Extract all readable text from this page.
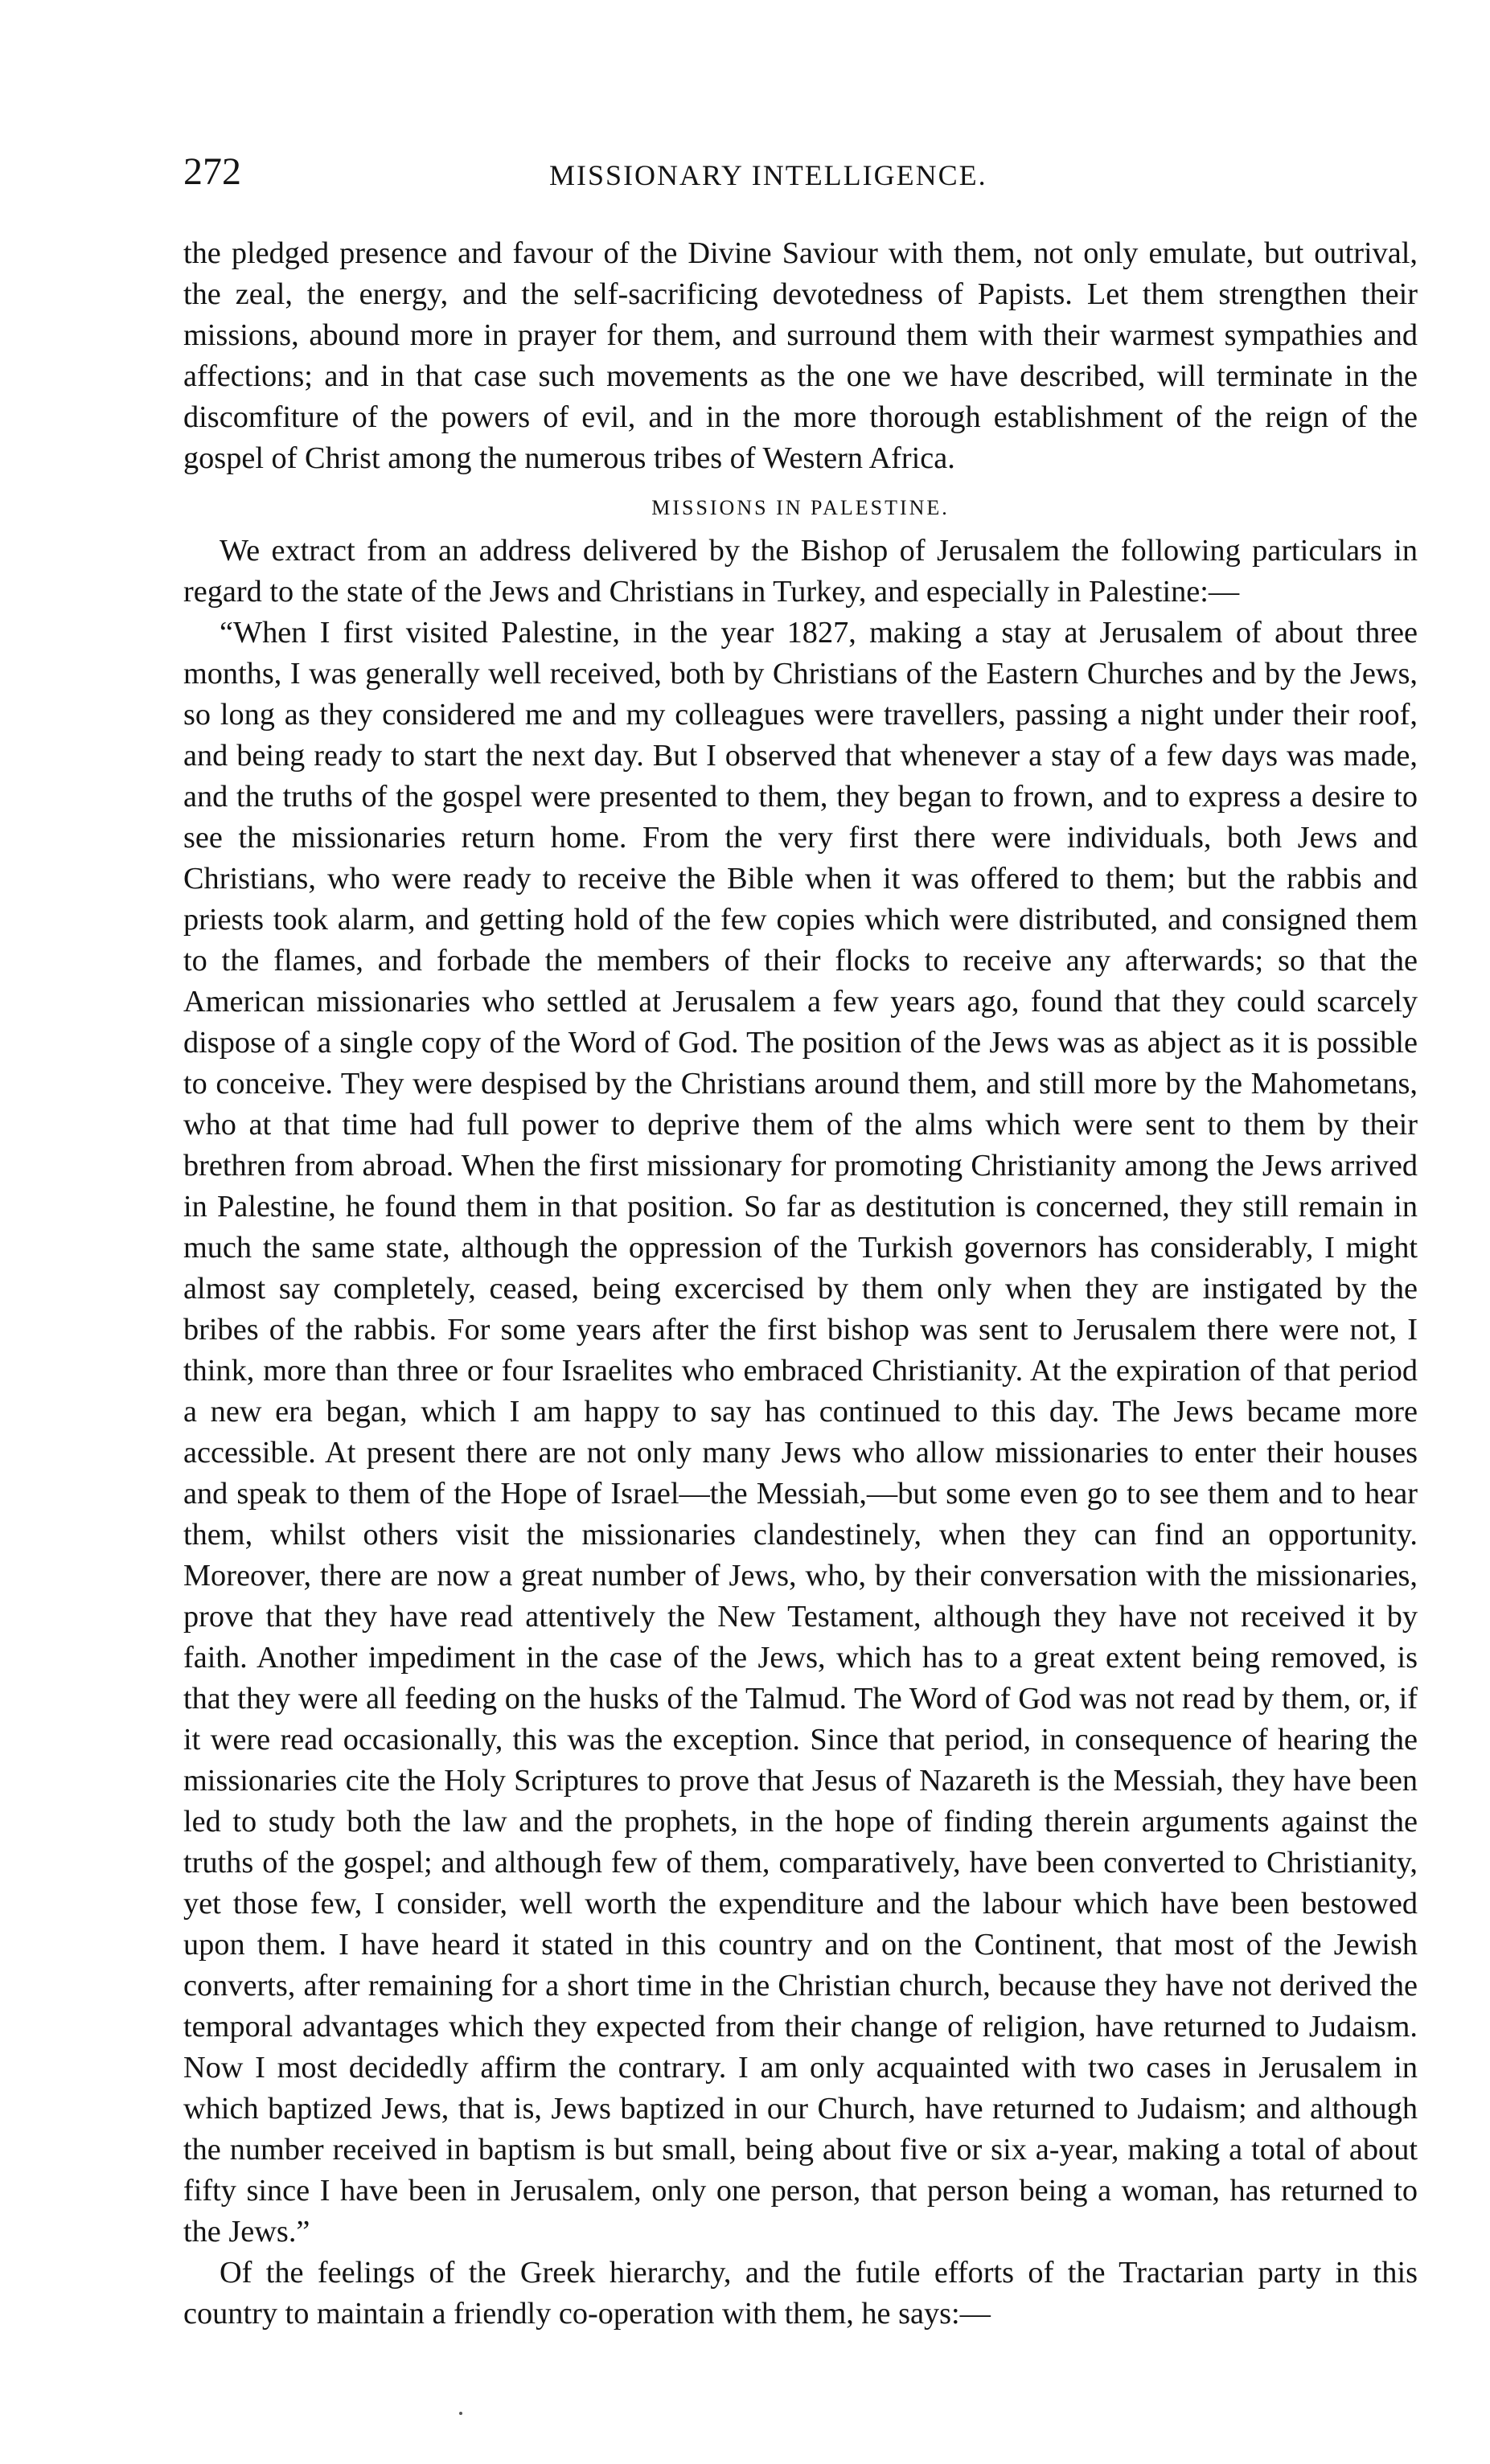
272	MISSIONARY INTELLIGENCE.

the pledged presence and favour of the Divine Saviour with them, not only emulate, but outrival, the zeal, the energy, and the self-sacrificing devotedness of Papists. Let them strengthen their missions, abound more in prayer for them, and surround them with their warmest sympathies and affections; and in that case such movements as the one we have described, will terminate in the discomfiture of the powers of evil, and in the more thorough establishment of the reign of the gospel of Christ among the numerous tribes of Western Africa.

MISSIONS IN PALESTINE.

We extract from an address delivered by the Bishop of Jerusalem the following particulars in regard to the state of the Jews and Christians in Turkey, and especially in Palestine:—

“When I first visited Palestine, in the year 1827, making a stay at Jerusalem of about three months, I was generally well received, both by Christians of the Eastern Churches and by the Jews, so long as they considered me and my colleagues were travellers, passing a night under their roof, and being ready to start the next day. But I observed that whenever a stay of a few days was made, and the truths of the gospel were presented to them, they began to frown, and to express a desire to see the missionaries return home. From the very first there were individuals, both Jews and Christians, who were ready to receive the Bible when it was offered to them; but the rabbis and priests took alarm, and getting hold of the few copies which were distributed, and consigned them to the flames, and forbade the members of their flocks to receive any afterwards; so that the American missionaries who settled at Jerusalem a few years ago, found that they could scarcely dispose of a single copy of the Word of God. The position of the Jews was as abject as it is possible to conceive. They were despised by the Christians around them, and still more by the Mahometans, who at that time had full power to deprive them of the alms which were sent to them by their brethren from abroad. When the first missionary for promoting Christianity among the Jews arrived in Palestine, he found them in that position. So far as destitution is concerned, they still remain in much the same state, although the oppression of the Turkish governors has considerably, I might almost say completely, ceased, being excercised by them only when they are instigated by the bribes of the rabbis. For some years after the first bishop was sent to Jerusalem there were not, I think, more than three or four Israelites who embraced Christianity. At the expiration of that period a new era began, which I am happy to say has continued to this day. The Jews became more accessible. At present there are not only many Jews who allow missionaries to enter their houses and speak to them of the Hope of Israel—the Messiah,—but some even go to see them and to hear them, whilst others visit the missionaries clandestinely, when they can find an opportunity. Moreover, there are now a great number of Jews, who, by their conversation with the missionaries, prove that they have read attentively the New Testament, although they have not received it by faith. Another impediment in the case of the Jews, which has to a great extent being removed, is that they were all feeding on the husks of the Talmud. The Word of God was not read by them, or, if it were read occasionally, this was the exception. Since that period, in consequence of hearing the missionaries cite the Holy Scriptures to prove that Jesus of Nazareth is the Messiah, they have been led to study both the law and the prophets, in the hope of finding therein arguments against the truths of the gospel; and although few of them, comparatively, have been converted to Christianity, yet those few, I consider, well worth the expenditure and the labour which have been bestowed upon them. I have heard it stated in this country and on the Continent, that most of the Jewish converts, after remaining for a short time in the Christian church, because they have not derived the temporal advantages which they expected from their change of religion, have returned to Judaism. Now I most decidedly affirm the contrary. I am only acquainted with two cases in Jerusalem in which baptized Jews, that is, Jews baptized in our Church, have returned to Judaism; and although the number received in baptism is but small, being about five or six a-year, making a total of about fifty since I have been in Jerusalem, only one person, that person being a woman, has returned to the Jews.”

Of the feelings of the Greek hierarchy, and the futile efforts of the Tractarian party in this country to maintain a friendly co-operation with them, he says:—
